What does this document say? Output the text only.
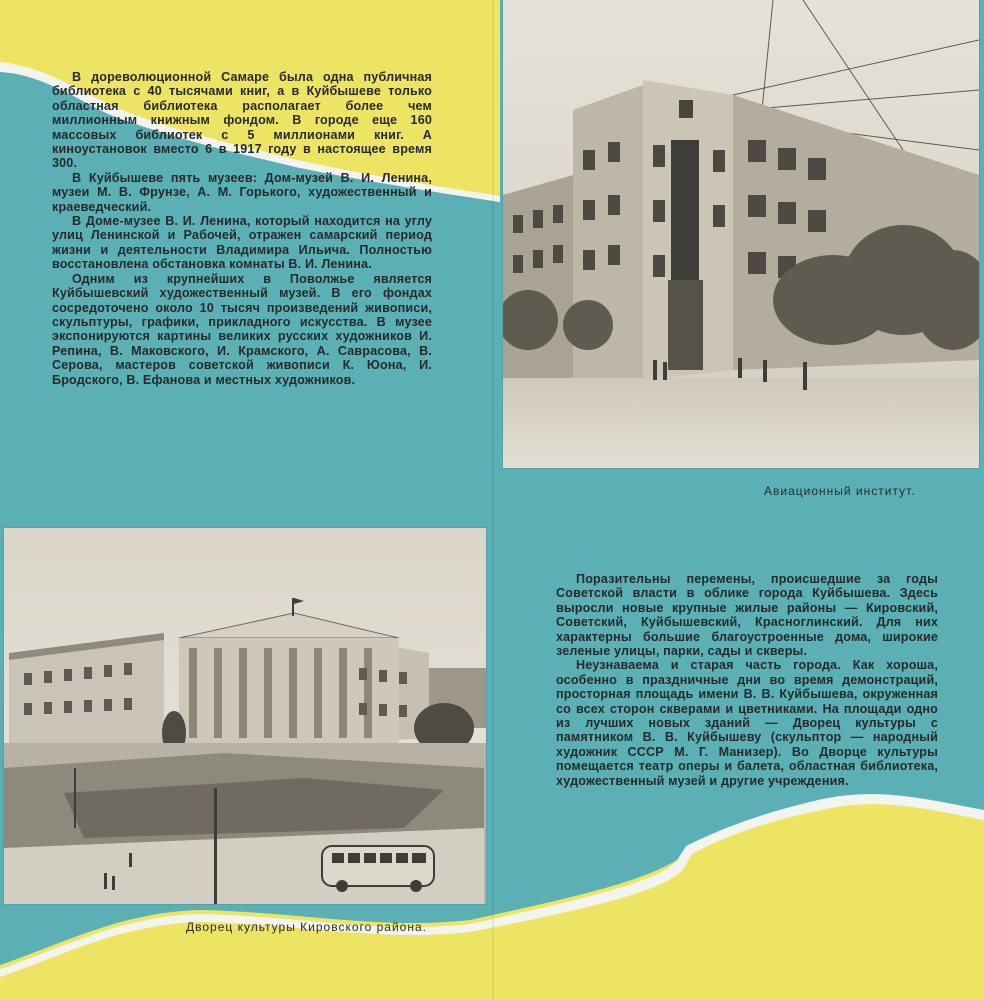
В дореволюционной Самаре была одна публичная библиотека с 40 тысячами книг, а в Куйбышеве только областная библиотека располагает более чем миллионным книжным фондом. В городе еще 160 массовых библиотек с 5 миллионами книг. А киноустановок вместо 6 в 1917 году в настоящее время 300.

В Куйбышеве пять музеев: Дом-музей В. И. Ленина, музеи М. В. Фрунзе, А. М. Горького, художественный и краеведческий.

В Доме-музее В. И. Ленина, который находится на углу улиц Ленинской и Рабочей, отражен самарский период жизни и деятельности Владимира Ильича. Полностью восстановлена обстановка комнаты В. И. Ленина.

Одним из крупнейших в Поволжье является Куйбышевский художественный музей. В его фондах сосредоточено около 10 тысяч произведений живописи, скульптуры, графики, прикладного искусства. В музее экспонируются картины великих русских художников И. Репина, В. Маковского, И. Крамского, А. Саврасова, В. Серова, мастеров советской живописи К. Юона, И. Бродского, В. Ефанова и местных художников.

Авиационный институт.
Дворец культуры Кировского района.

Поразительны перемены, происшедшие за годы Советской власти в облике города Куйбышева. Здесь выросли новые крупные жилые районы — Кировский, Советский, Куйбышевский, Красноглинский. Для них характерны большие благоустроенные дома, широкие зеленые улицы, парки, сады и скверы.

Неузнаваема и старая часть города. Как хороша, особенно в праздничные дни во время демонстраций, просторная площадь имени В. В. Куйбышева, окруженная со всех сторон скверами и цветниками. На площади одно из лучших новых зданий — Дворец культуры с памятником В. В. Куйбышеву (скульптор — народный художник СССР М. Г. Манизер). Во Дворце культуры помещается театр оперы и балета, областная библиотека, художественный музей и другие учреждения.
